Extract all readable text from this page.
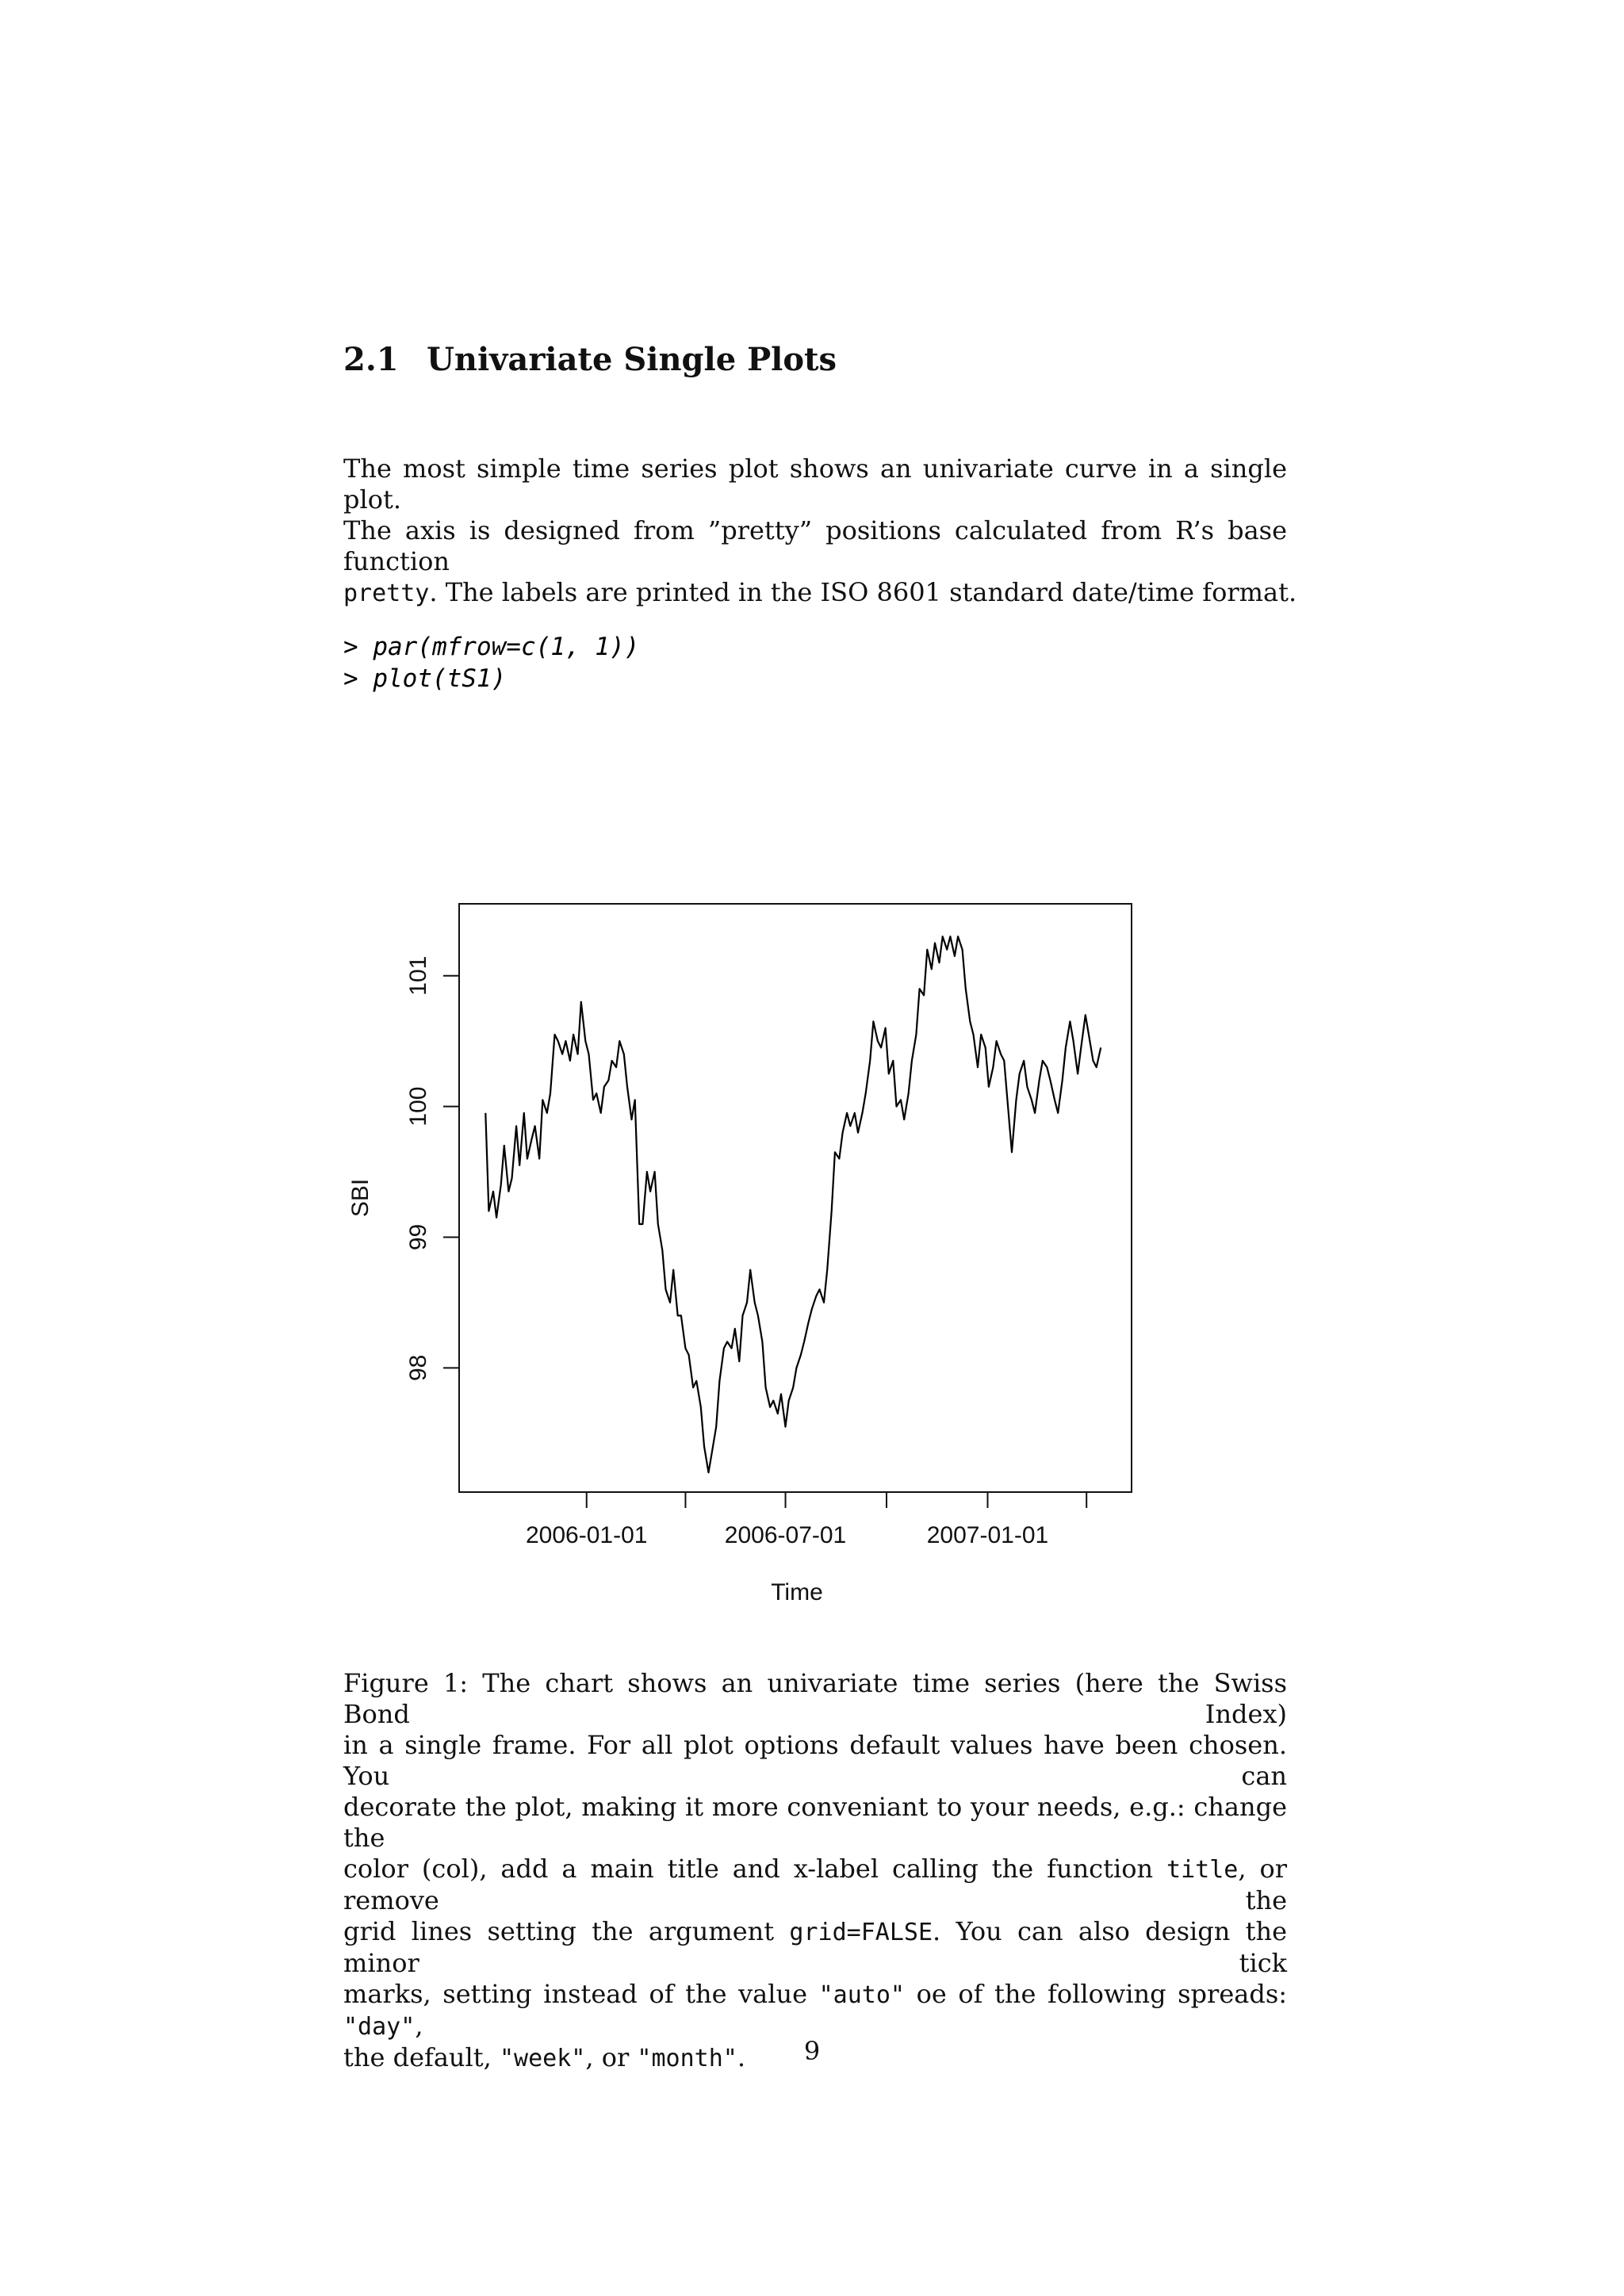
2.1 Univariate Single Plots
The most simple time series plot shows an univariate curve in a single plot.
The axis is designed from ”pretty” positions calculated from R’s base function
pretty. The labels are printed in the ISO 8601 standard date/time format.
> par(mfrow=c(1, 1))
> plot(tS1)
2006-01-01	2006-07-01	2007-01-01
98
99
100
101
Time
SBI
Figure 1: The chart shows an univariate time series (here the Swiss Bond Index)
in a single frame. For all plot options default values have been chosen. You can
decorate the plot, making it more conveniant to your needs, e.g.: change the
color (col), add a main title and x-label calling the function title, or remove the
grid lines setting the argument grid=FALSE. You can also design the minor tick
marks, setting instead of the value "auto" oe of the following spreads: "day",
the default, "week", or "month".	9
